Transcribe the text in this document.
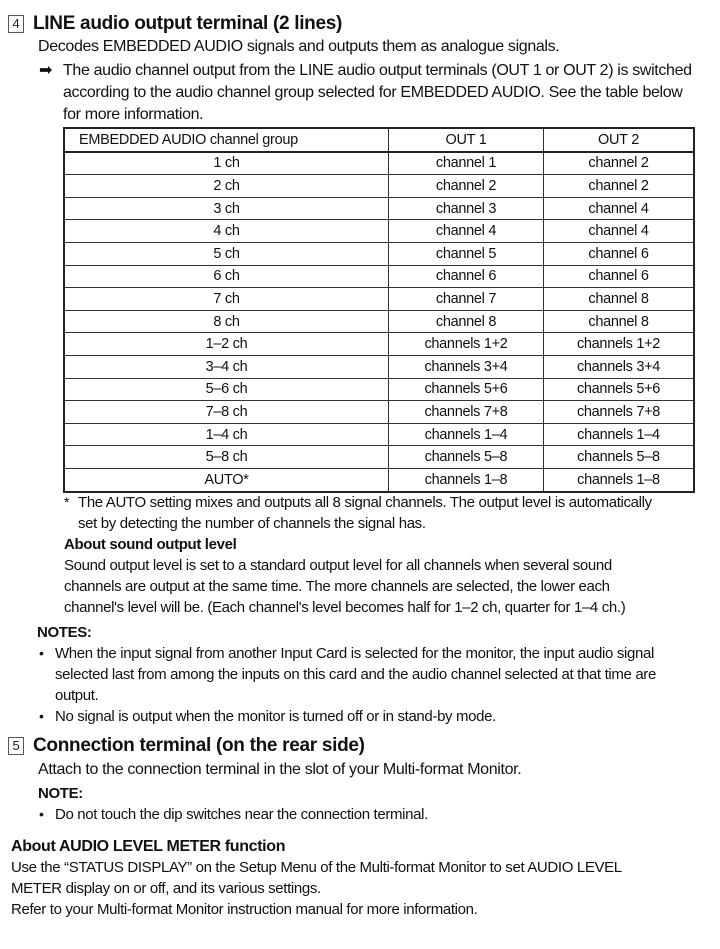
4 LINE audio output terminal (2 lines)
Decodes EMBEDDED AUDIO signals and outputs them as analogue signals.
➡ The audio channel output from the LINE audio output terminals (OUT 1 or OUT 2) is switched according to the audio channel group selected for EMBEDDED AUDIO. See the table below for more information.
EMBEDDED AUDIO channel group	OUT 1	OUT 2
1 ch	channel 1	channel 2
2 ch	channel 2	channel 2
3 ch	channel 3	channel 4
4 ch	channel 4	channel 4
5 ch	channel 5	channel 6
6 ch	channel 6	channel 6
7 ch	channel 7	channel 8
8 ch	channel 8	channel 8
1–2 ch	channels 1+2	channels 1+2
3–4 ch	channels 3+4	channels 3+4
5–6 ch	channels 5+6	channels 5+6
7–8 ch	channels 7+8	channels 7+8
1–4 ch	channels 1–4	channels 1–4
5–8 ch	channels 5–8	channels 5–8
AUTO*	channels 1–8	channels 1–8
* The AUTO setting mixes and outputs all 8 signal channels. The output level is automatically
set by detecting the number of channels the signal has.
About sound output level
Sound output level is set to a standard output level for all channels when several sound
channels are output at the same time. The more channels are selected, the lower each
channel's level will be. (Each channel's level becomes half for 1–2 ch, quarter for 1–4 ch.)
NOTES:
• When the input signal from another Input Card is selected for the monitor, the input audio signal
selected last from among the inputs on this card and the audio channel selected at that time are
output.
• No signal is output when the monitor is turned off or in stand-by mode.
5 Connection terminal (on the rear side)
Attach to the connection terminal in the slot of your Multi-format Monitor.
NOTE:
• Do not touch the dip switches near the connection terminal.
About AUDIO LEVEL METER function
Use the “STATUS DISPLAY” on the Setup Menu of the Multi-format Monitor to set AUDIO LEVEL
METER display on or off, and its various settings.
Refer to your Multi-format Monitor instruction manual for more information.
